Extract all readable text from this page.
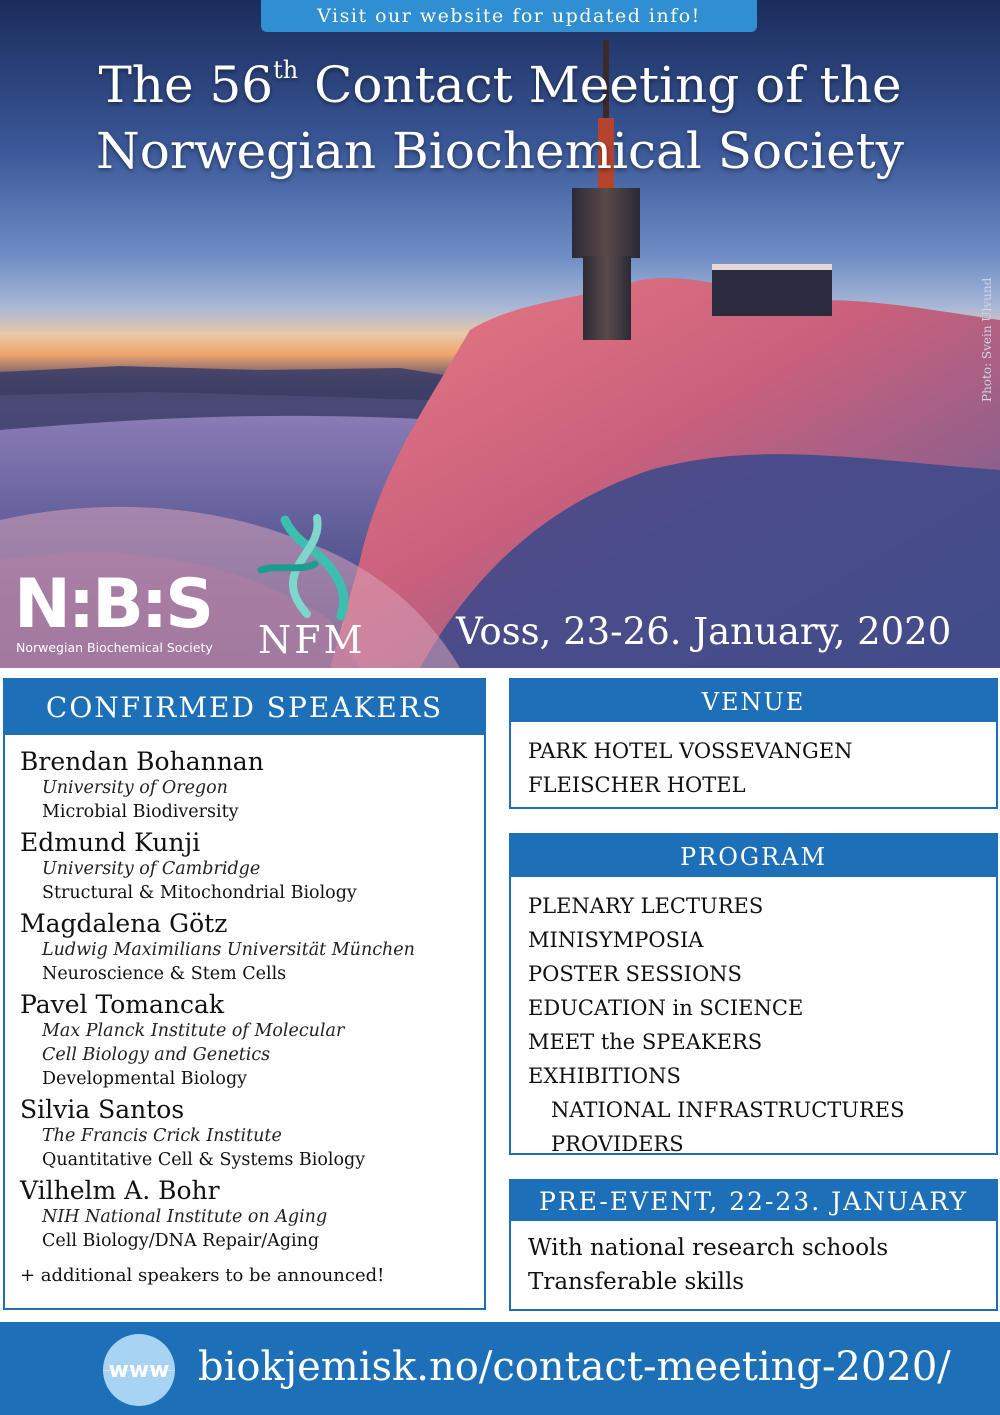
Visit our website for updated info!
The 56th Contact Meeting of the
Norwegian Biochemical Society
Photo: Svein Ulvund
N:B:S
Norwegian Biochemical Society NFM Voss, 23-26. January, 2020
CONFIRMED SPEAKERS
Brendan Bohannan
University of Oregon
Microbial Biodiversity
Edmund Kunji
University of Cambridge
Structural & Mitochondrial Biology
Magdalena Götz
Ludwig Maximilians Universität München
Neuroscience & Stem Cells
Pavel Tomancak
Max Planck Institute of Molecular
Cell Biology and Genetics
Developmental Biology
Silvia Santos
The Francis Crick Institute
Quantitative Cell & Systems Biology
Vilhelm A. Bohr
NIH National Institute on Aging
Cell Biology/DNA Repair/Aging
+ additional speakers to be announced!
VENUE
PARK HOTEL VOSSEVANGEN
FLEISCHER HOTEL
PROGRAM
PLENARY LECTURES
MINISYMPOSIA
POSTER SESSIONS
EDUCATION in SCIENCE
MEET the SPEAKERS
EXHIBITIONS
NATIONAL INFRASTRUCTURES
PROVIDERS
PRE-EVENT, 22-23. JANUARY
With national research schools
Transferable skills
www biokjemisk.no/contact-meeting-2020/
